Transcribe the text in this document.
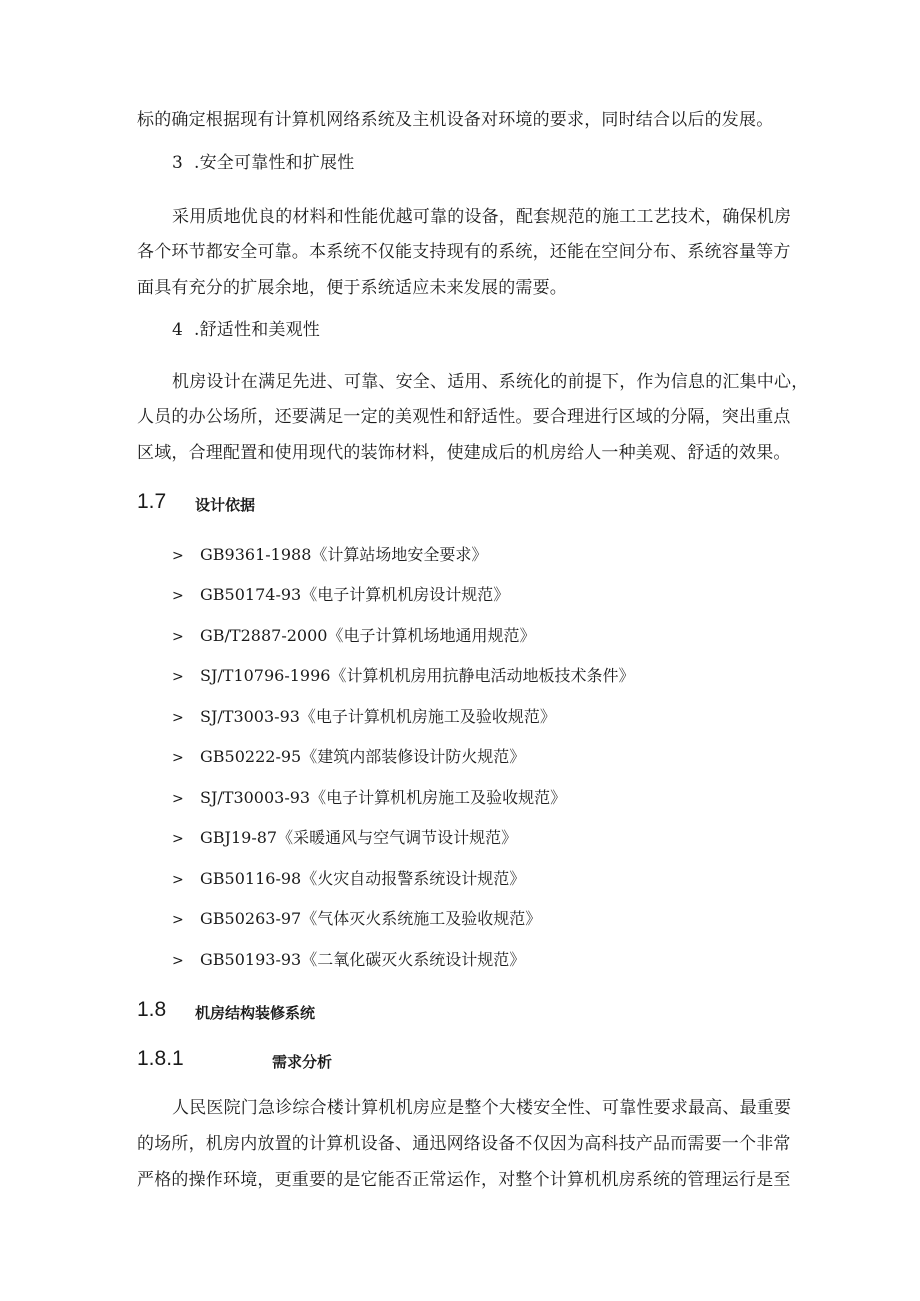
标的确定根据现有计算机网络系统及主机设备对环境的要求，同时结合以后的发展。
3 .安全可靠性和扩展性
采用质地优良的材料和性能优越可靠的设备，配套规范的施工工艺技术，确保机房
各个环节都安全可靠。本系统不仅能支持现有的系统，还能在空间分布、系统容量等方
面具有充分的扩展余地，便于系统适应未来发展的需要。
4 .舒适性和美观性
机房设计在满足先进、可靠、安全、适用、系统化的前提下，作为信息的汇集中心，
人员的办公场所，还要满足一定的美观性和舒适性。要合理进行区域的分隔，突出重点
区域，合理配置和使用现代的装饰材料，使建成后的机房给人一种美观、舒适的效果。
1.7 设计依据
> GB9361-1988《计算站场地安全要求》
> GB50174-93《电子计算机机房设计规范》
> GB/T2887-2000《电子计算机场地通用规范》
> SJ/T10796-1996《计算机机房用抗静电活动地板技术条件》
> SJ/T3003-93《电子计算机机房施工及验收规范》
> GB50222-95《建筑内部装修设计防火规范》
> SJ/T30003-93《电子计算机机房施工及验收规范》
> GBJ19-87《采暖通风与空气调节设计规范》
> GB50116-98《火灾自动报警系统设计规范》
> GB50263-97《气体灭火系统施工及验收规范》
> GB50193-93《二氧化碳灭火系统设计规范》
1.8 机房结构装修系统
1.8.1	需求分析
人民医院门急诊综合楼计算机机房应是整个大楼安全性、可靠性要求最高、最重要
的场所，机房内放置的计算机设备、通迅网络设备不仅因为高科技产品而需要一个非常
严格的操作环境，更重要的是它能否正常运作，对整个计算机机房系统的管理运行是至
